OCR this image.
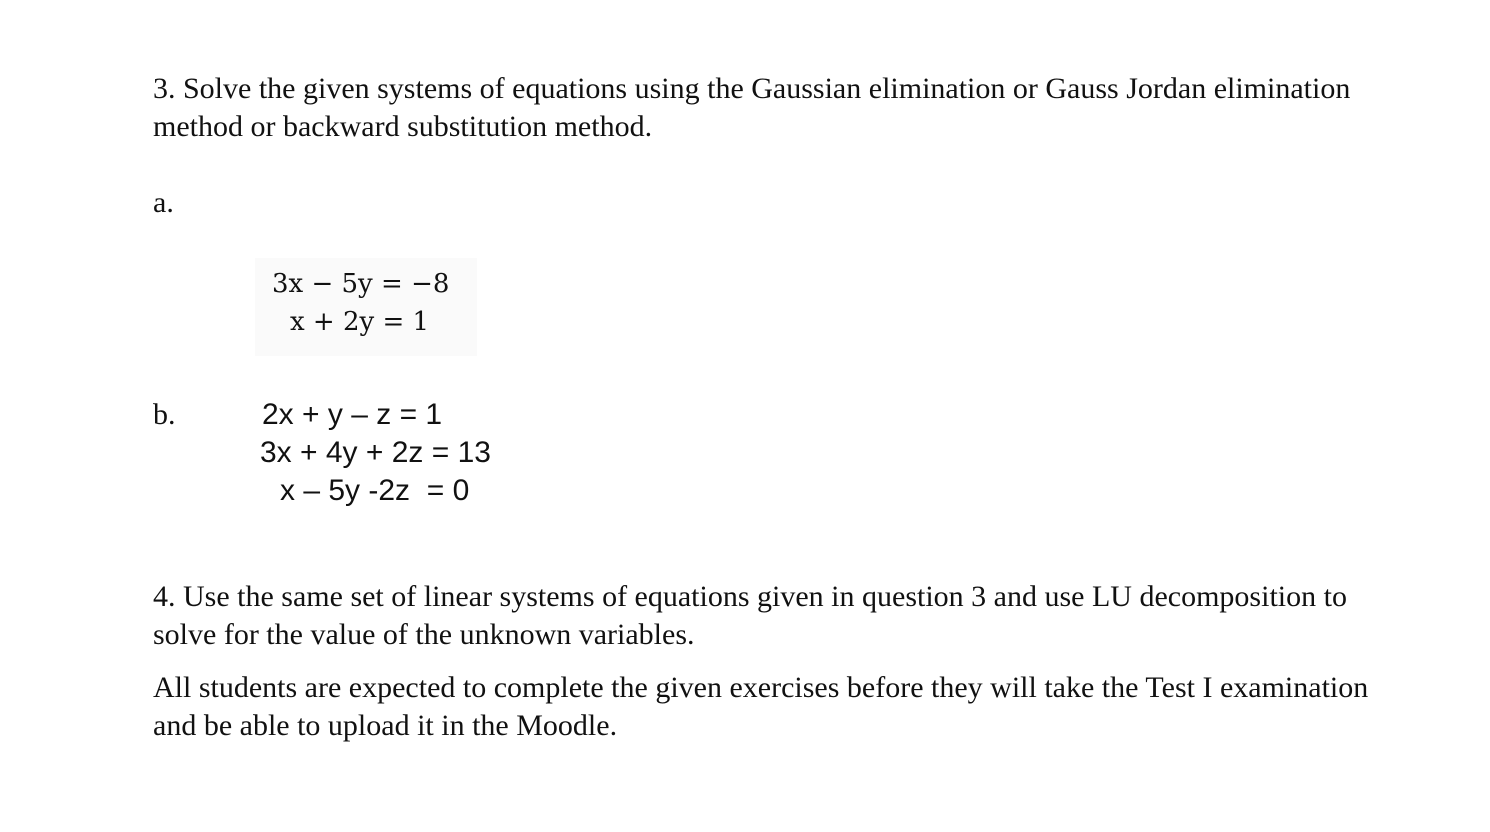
3. Solve the given systems of equations using the Gaussian elimination or Gauss Jordan elimination method or backward substitution method.

a.
3x − 5y = −8
x + 2y = 1
b.	2x + y – z = 1
3x + 4y + 2z = 13
x – 5y -2z  = 0

4. Use the same set of linear systems of equations given in question 3 and use LU decomposition to solve for the value of the unknown variables.

All students are expected to complete the given exercises before they will take the Test I examination and be able to upload it in the Moodle.
